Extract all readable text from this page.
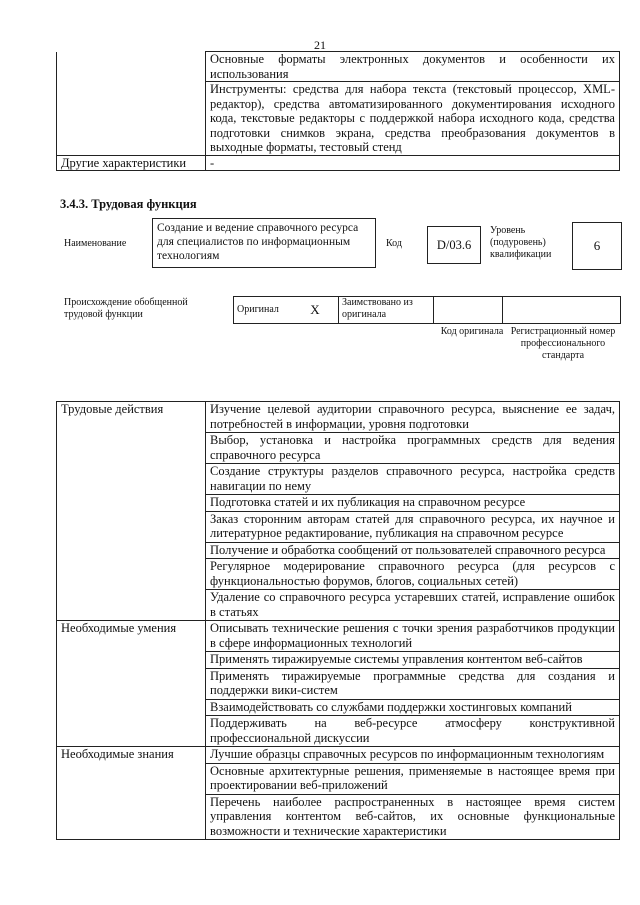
21
	Основные форматы электронных документов и особенности их использования
	Инструменты: средства для набора текста (текстовый процессор, XML-редактор), средства автоматизированного документирования исходного кода, текстовые редакторы с поддержкой набора исходного кода, средства подготовки снимков экрана, средства преобразования документов в выходные форматы, тестовый стенд
Другие характеристики	-
3.4.3. Трудовая функция
Наименование
Создание и ведение справочного ресурса для специалистов по информационным технологиям
Код	D/03.6
Уровень (подуровень) квалификации
6
Происхождение обобщенной трудовой функции	Оригинал	X	Заимствовано из оригинала		
Код оригинала Регистрационный номер профессионального стандарта
Трудовые действия	Изучение целевой аудитории справочного ресурса, выяснение ее задач, потребностей в информации, уровня подготовки
	Выбор, установка и настройка программных средств для ведения справочного ресурса
	Создание структуры разделов справочного ресурса, настройка средств навигации по нему
	Подготовка статей и их публикация на справочном ресурсе
	Заказ сторонним авторам статей для справочного ресурса, их научное и литературное редактирование, публикация на справочном ресурсе
	Получение и обработка сообщений от пользователей справочного ресурса
	Регулярное модерирование справочного ресурса (для ресурсов с функциональностью форумов, блогов, социальных сетей)
	Удаление со справочного ресурса устаревших статей, исправление ошибок в статьях
Необходимые умения	Описывать технические решения с точки зрения разработчиков продукции в сфере информационных технологий
	Применять тиражируемые системы управления контентом веб-сайтов
	Применять тиражируемые программные средства для создания и поддержки вики-систем
	Взаимодействовать со службами поддержки хостинговых компаний
	Поддерживать на веб-ресурсе атмосферу конструктивной профессиональной дискуссии
Необходимые знания	Лучшие образцы справочных ресурсов по информационным технологиям
	Основные архитектурные решения, применяемые в настоящее время при проектировании веб-приложений
	Перечень наиболее распространенных в настоящее время систем управления контентом веб-сайтов, их основные функциональные возможности и технические характеристики
